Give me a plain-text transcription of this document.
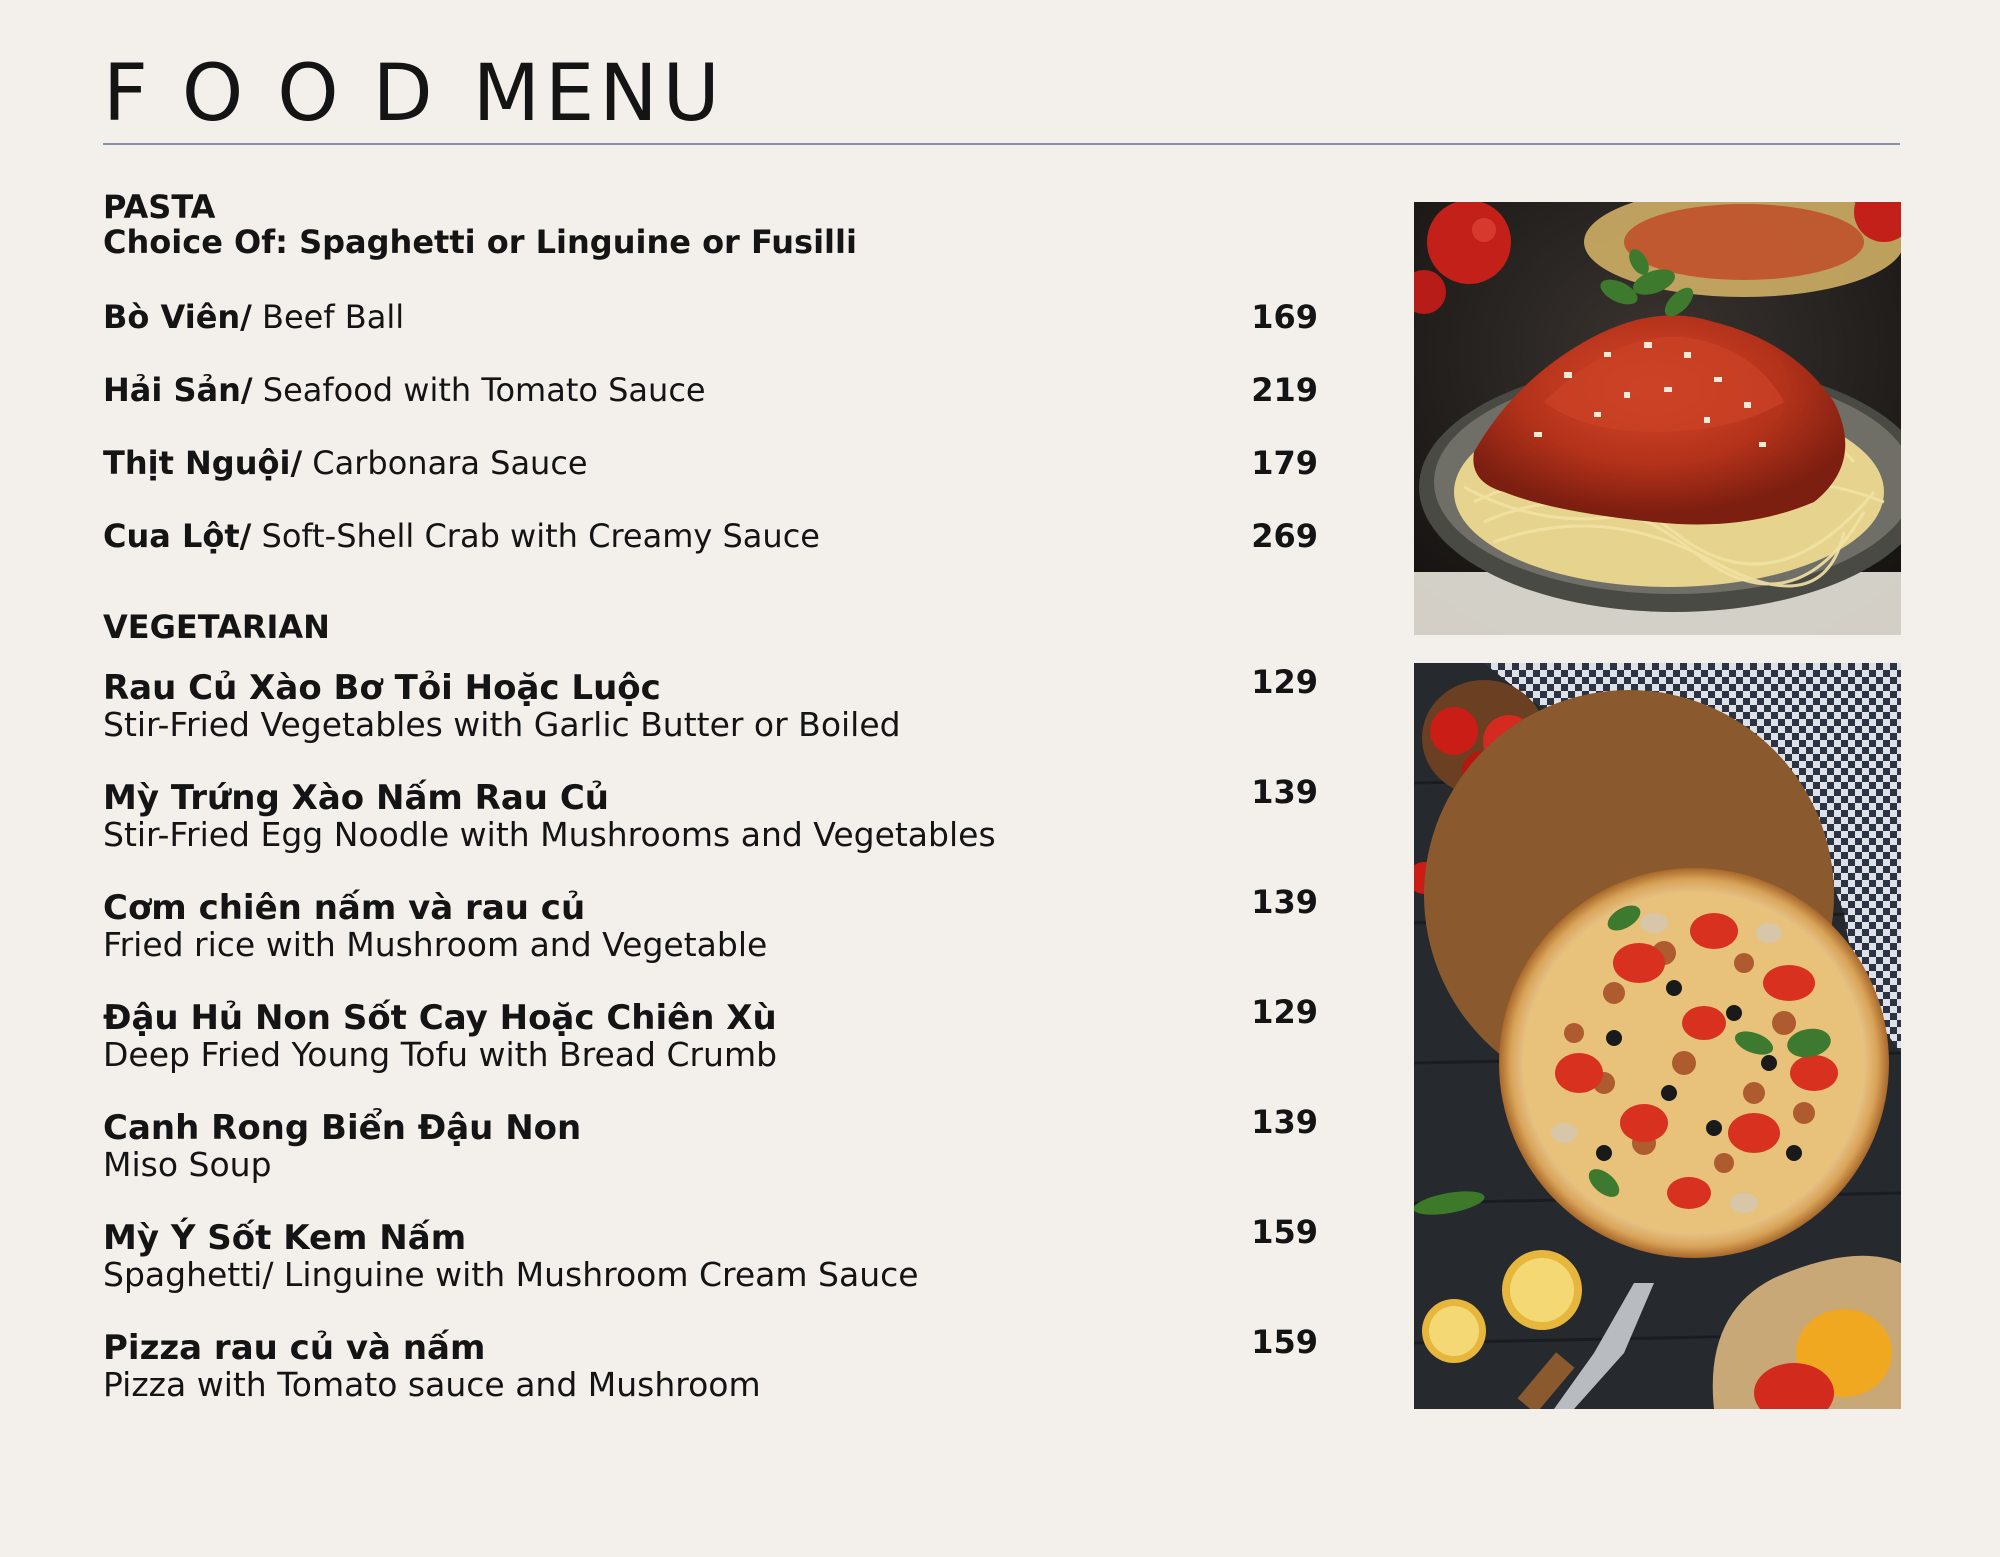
FOODMENU
PASTA
Choice Of: Spaghetti or Linguine or Fusilli
Bò Viên/ Beef Ball	169
Hải Sản/ Seafood with Tomato Sauce	219
Thịt Nguội/ Carbonara Sauce	179
Cua Lột/ Soft-Shell Crab with Creamy Sauce	269
VEGETARIAN
Rau Củ Xào Bơ Tỏi Hoặc Luộc
Stir-Fried Vegetables with Garlic Butter or Boiled
129
Mỳ Trứng Xào Nấm Rau Củ
Stir-Fried Egg Noodle with Mushrooms and Vegetables
139
Cơm chiên nấm và rau củ
Fried rice with Mushroom and Vegetable
139
Đậu Hủ Non Sốt Cay Hoặc Chiên Xù
Deep Fried Young Tofu with Bread Crumb
129
Canh Rong Biển Đậu Non
Miso Soup
139
Mỳ Ý Sốt Kem Nấm
Spaghetti/ Linguine with Mushroom Cream Sauce
159
Pizza rau củ và nấm
Pizza with Tomato sauce and Mushroom
159
